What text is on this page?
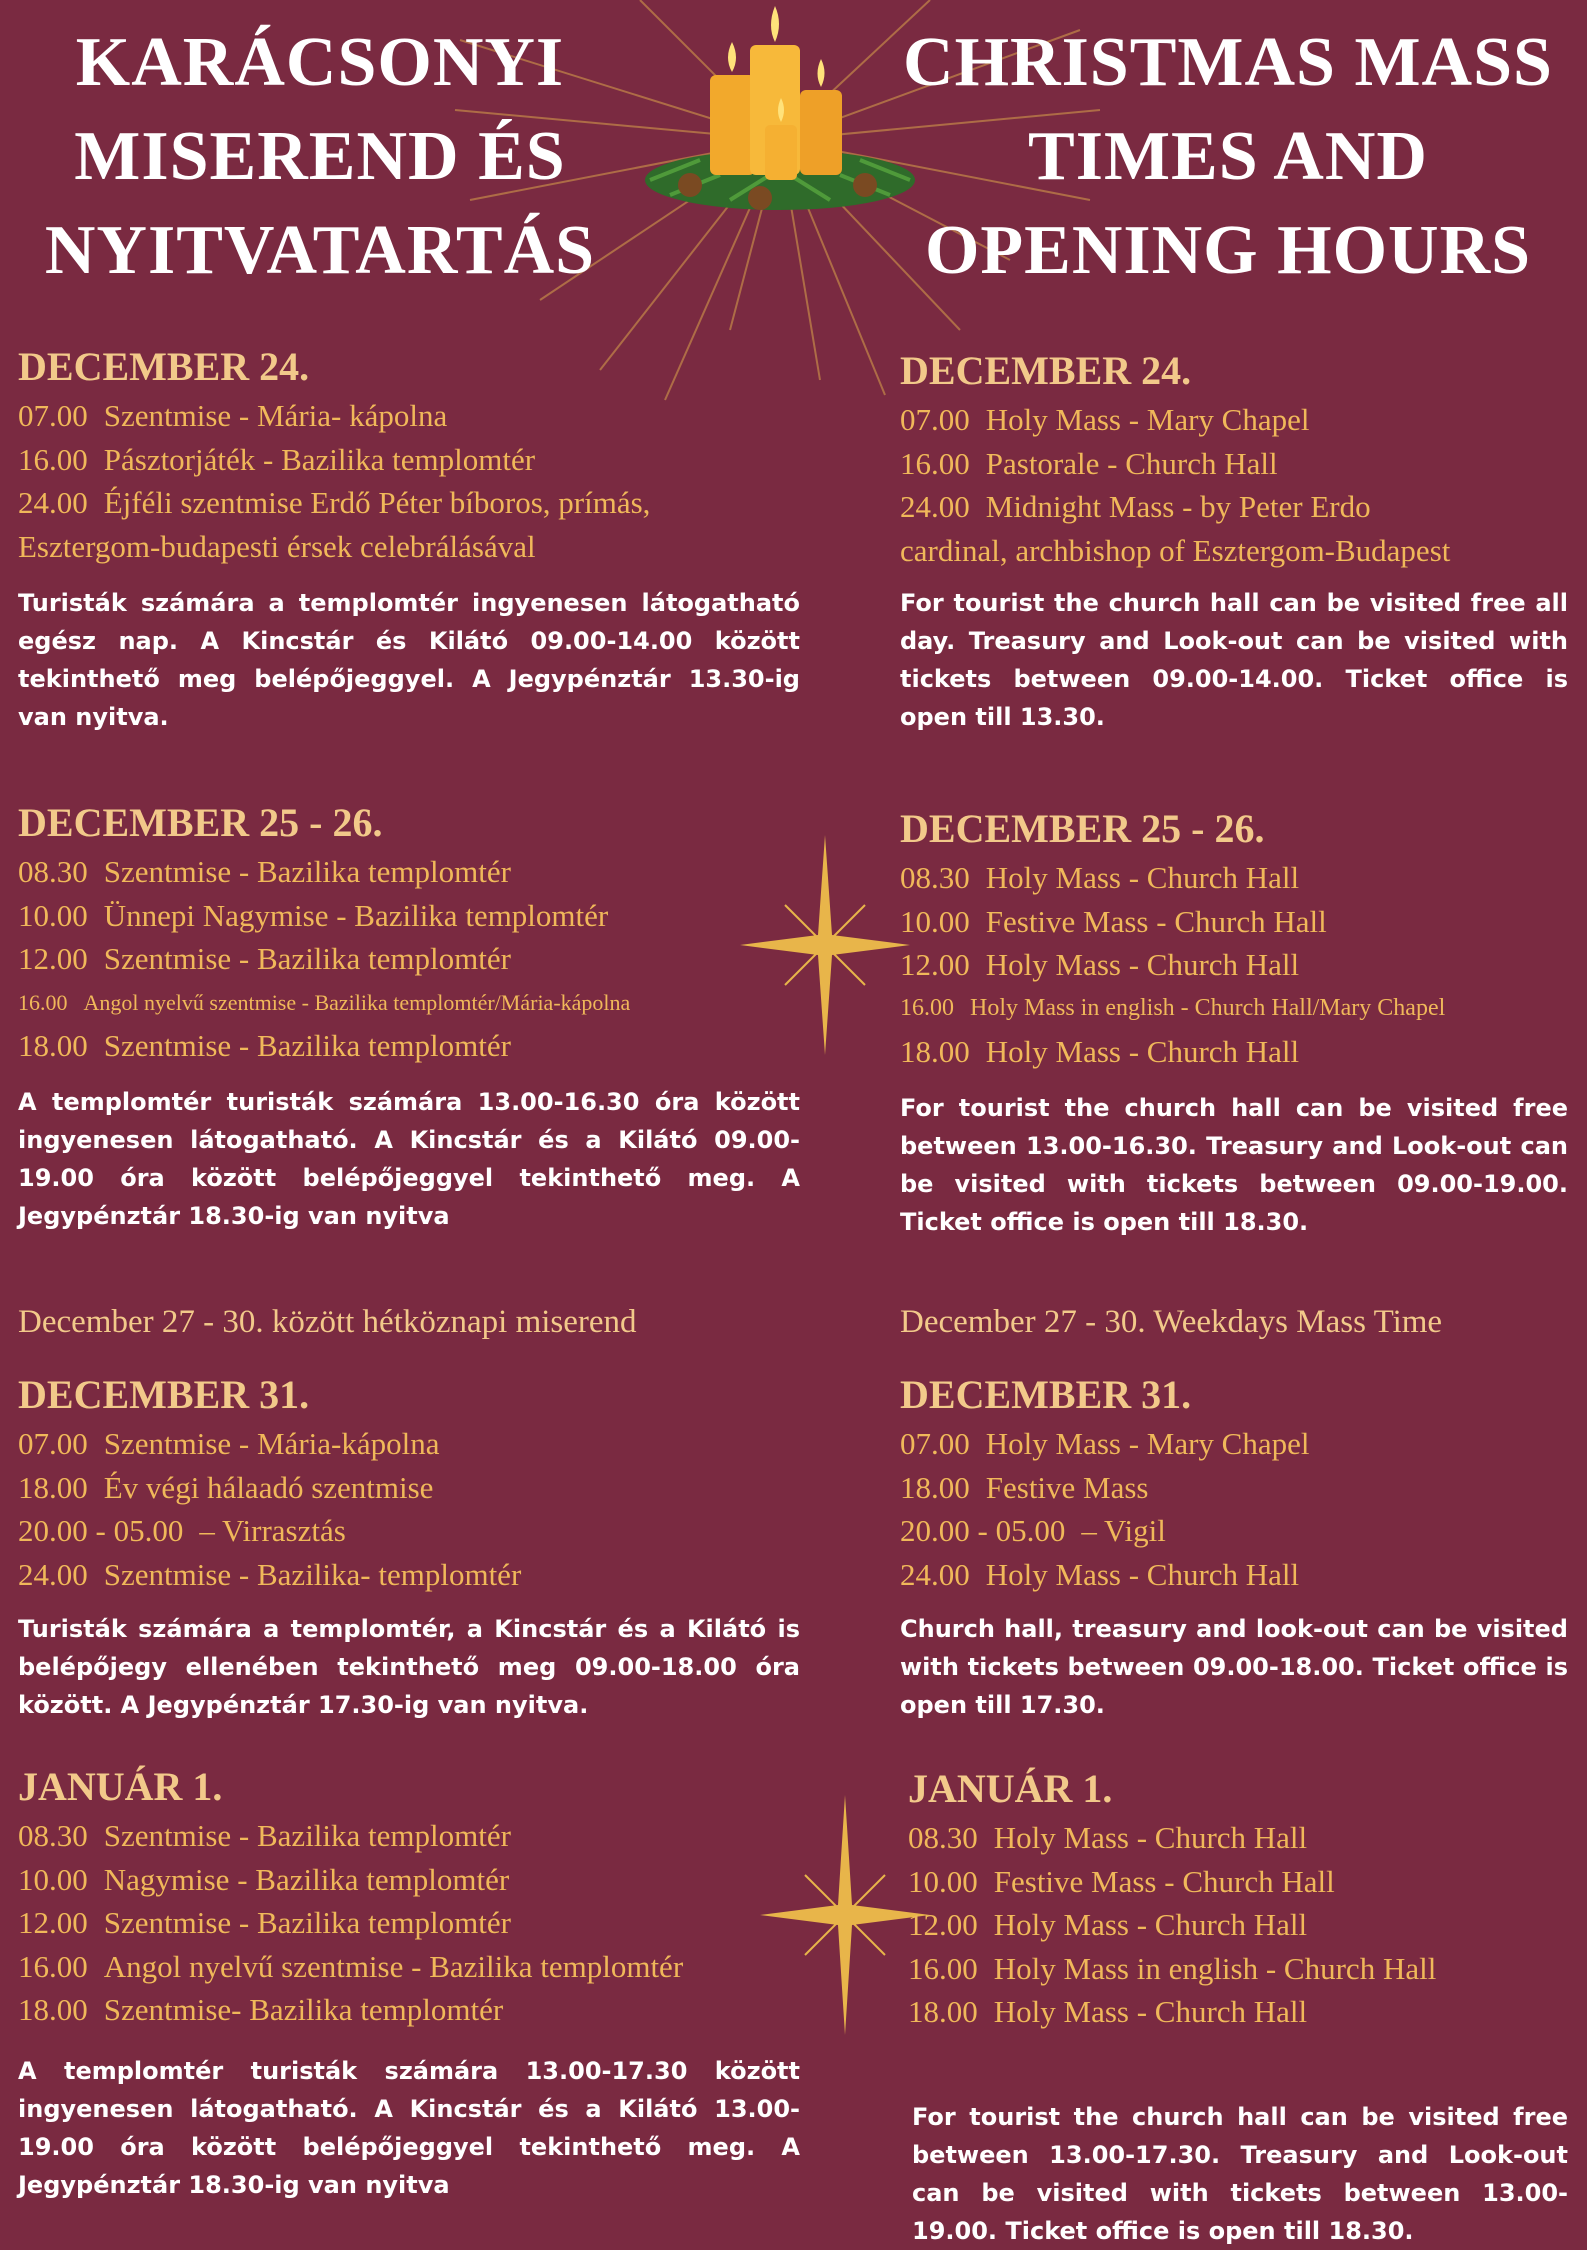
KARÁCSONYI
MISEREND ÉS
NYITVATARTÁS
DECEMBER 24.
07.00 Szentmise - Mária- kápolna
16.00 Pásztorjáték - Bazilika templomtér
24.00 Éjféli szentmise Erdő Péter bíboros, prímás,
Esztergom-budapesti érsek celebrálásával

Turisták számára a templomtér ingyenesen látogatható egész nap. A Kincstár és Kilátó 09.00-14.00 között tekinthető meg belépőjeggyel. A Jegypénztár 13.30-ig van nyitva.

DECEMBER 25 - 26.
08.30 Szentmise - Bazilika templomtér
10.00 Ünnepi Nagymise - Bazilika templomtér
12.00 Szentmise - Bazilika templomtér
16.00 Angol nyelvű szentmise - Bazilika templomtér/Mária-kápolna
18.00 Szentmise - Bazilika templomtér

A templomtér turisták számára 13.00-16.30 óra között ingyenesen látogatható. A Kincstár és a Kilátó 09.00-19.00 óra között belépőjeggyel tekinthető meg. A Jegypénztár 18.30-ig van nyitva

December 27 - 30. között hétköznapi miserend
DECEMBER 31.
07.00 Szentmise - Mária-kápolna
18.00 Év végi hálaadó szentmise
20.00 - 05.00 – Virrasztás
24.00 Szentmise - Bazilika- templomtér

Turisták számára a templomtér, a Kincstár és a Kilátó is belépőjegy ellenében tekinthető meg 09.00-18.00 óra között. A Jegypénztár 17.30-ig van nyitva.

JANUÁR 1.
08.30 Szentmise - Bazilika templomtér
10.00 Nagymise - Bazilika templomtér
12.00 Szentmise - Bazilika templomtér
16.00 Angol nyelvű szentmise - Bazilika templomtér
18.00 Szentmise- Bazilika templomtér

A templomtér turisták számára 13.00-17.30 között ingyenesen látogatható. A Kincstár és a Kilátó 13.00-19.00 óra között belépőjeggyel tekinthető meg. A Jegypénztár 18.30-ig van nyitva

CHRISTMAS MASS
TIMES AND
OPENING HOURS
DECEMBER 24.
07.00 Holy Mass - Mary Chapel
16.00 Pastorale - Church Hall
24.00 Midnight Mass - by Peter Erdo
cardinal, archbishop of Esztergom-Budapest

For tourist the church hall can be visited free all day. Treasury and Look-out can be visited with tickets between 09.00-14.00. Ticket office is open till 13.30.

DECEMBER 25 - 26.
08.30 Holy Mass - Church Hall
10.00 Festive Mass - Church Hall
12.00 Holy Mass - Church Hall
16.00 Holy Mass in english - Church Hall/Mary Chapel
18.00 Holy Mass - Church Hall

For tourist the church hall can be visited free between 13.00-16.30. Treasury and Look-out can be visited with tickets between 09.00-19.00. Ticket office is open till 18.30.

December 27 - 30. Weekdays Mass Time
DECEMBER 31.
07.00 Holy Mass - Mary Chapel
18.00 Festive Mass
20.00 - 05.00 – Vigil
24.00 Holy Mass - Church Hall

Church hall, treasury and look-out can be visited with tickets between 09.00-18.00. Ticket office is open till 17.30.

JANUÁR 1.
08.30 Holy Mass - Church Hall
10.00 Festive Mass - Church Hall
12.00 Holy Mass - Church Hall
16.00 Holy Mass in english - Church Hall
18.00 Holy Mass - Church Hall

For tourist the church hall can be visited free between 13.00-17.30. Treasury and Look-out can be visited with tickets between 13.00-19.00. Ticket office is open till 18.30.
